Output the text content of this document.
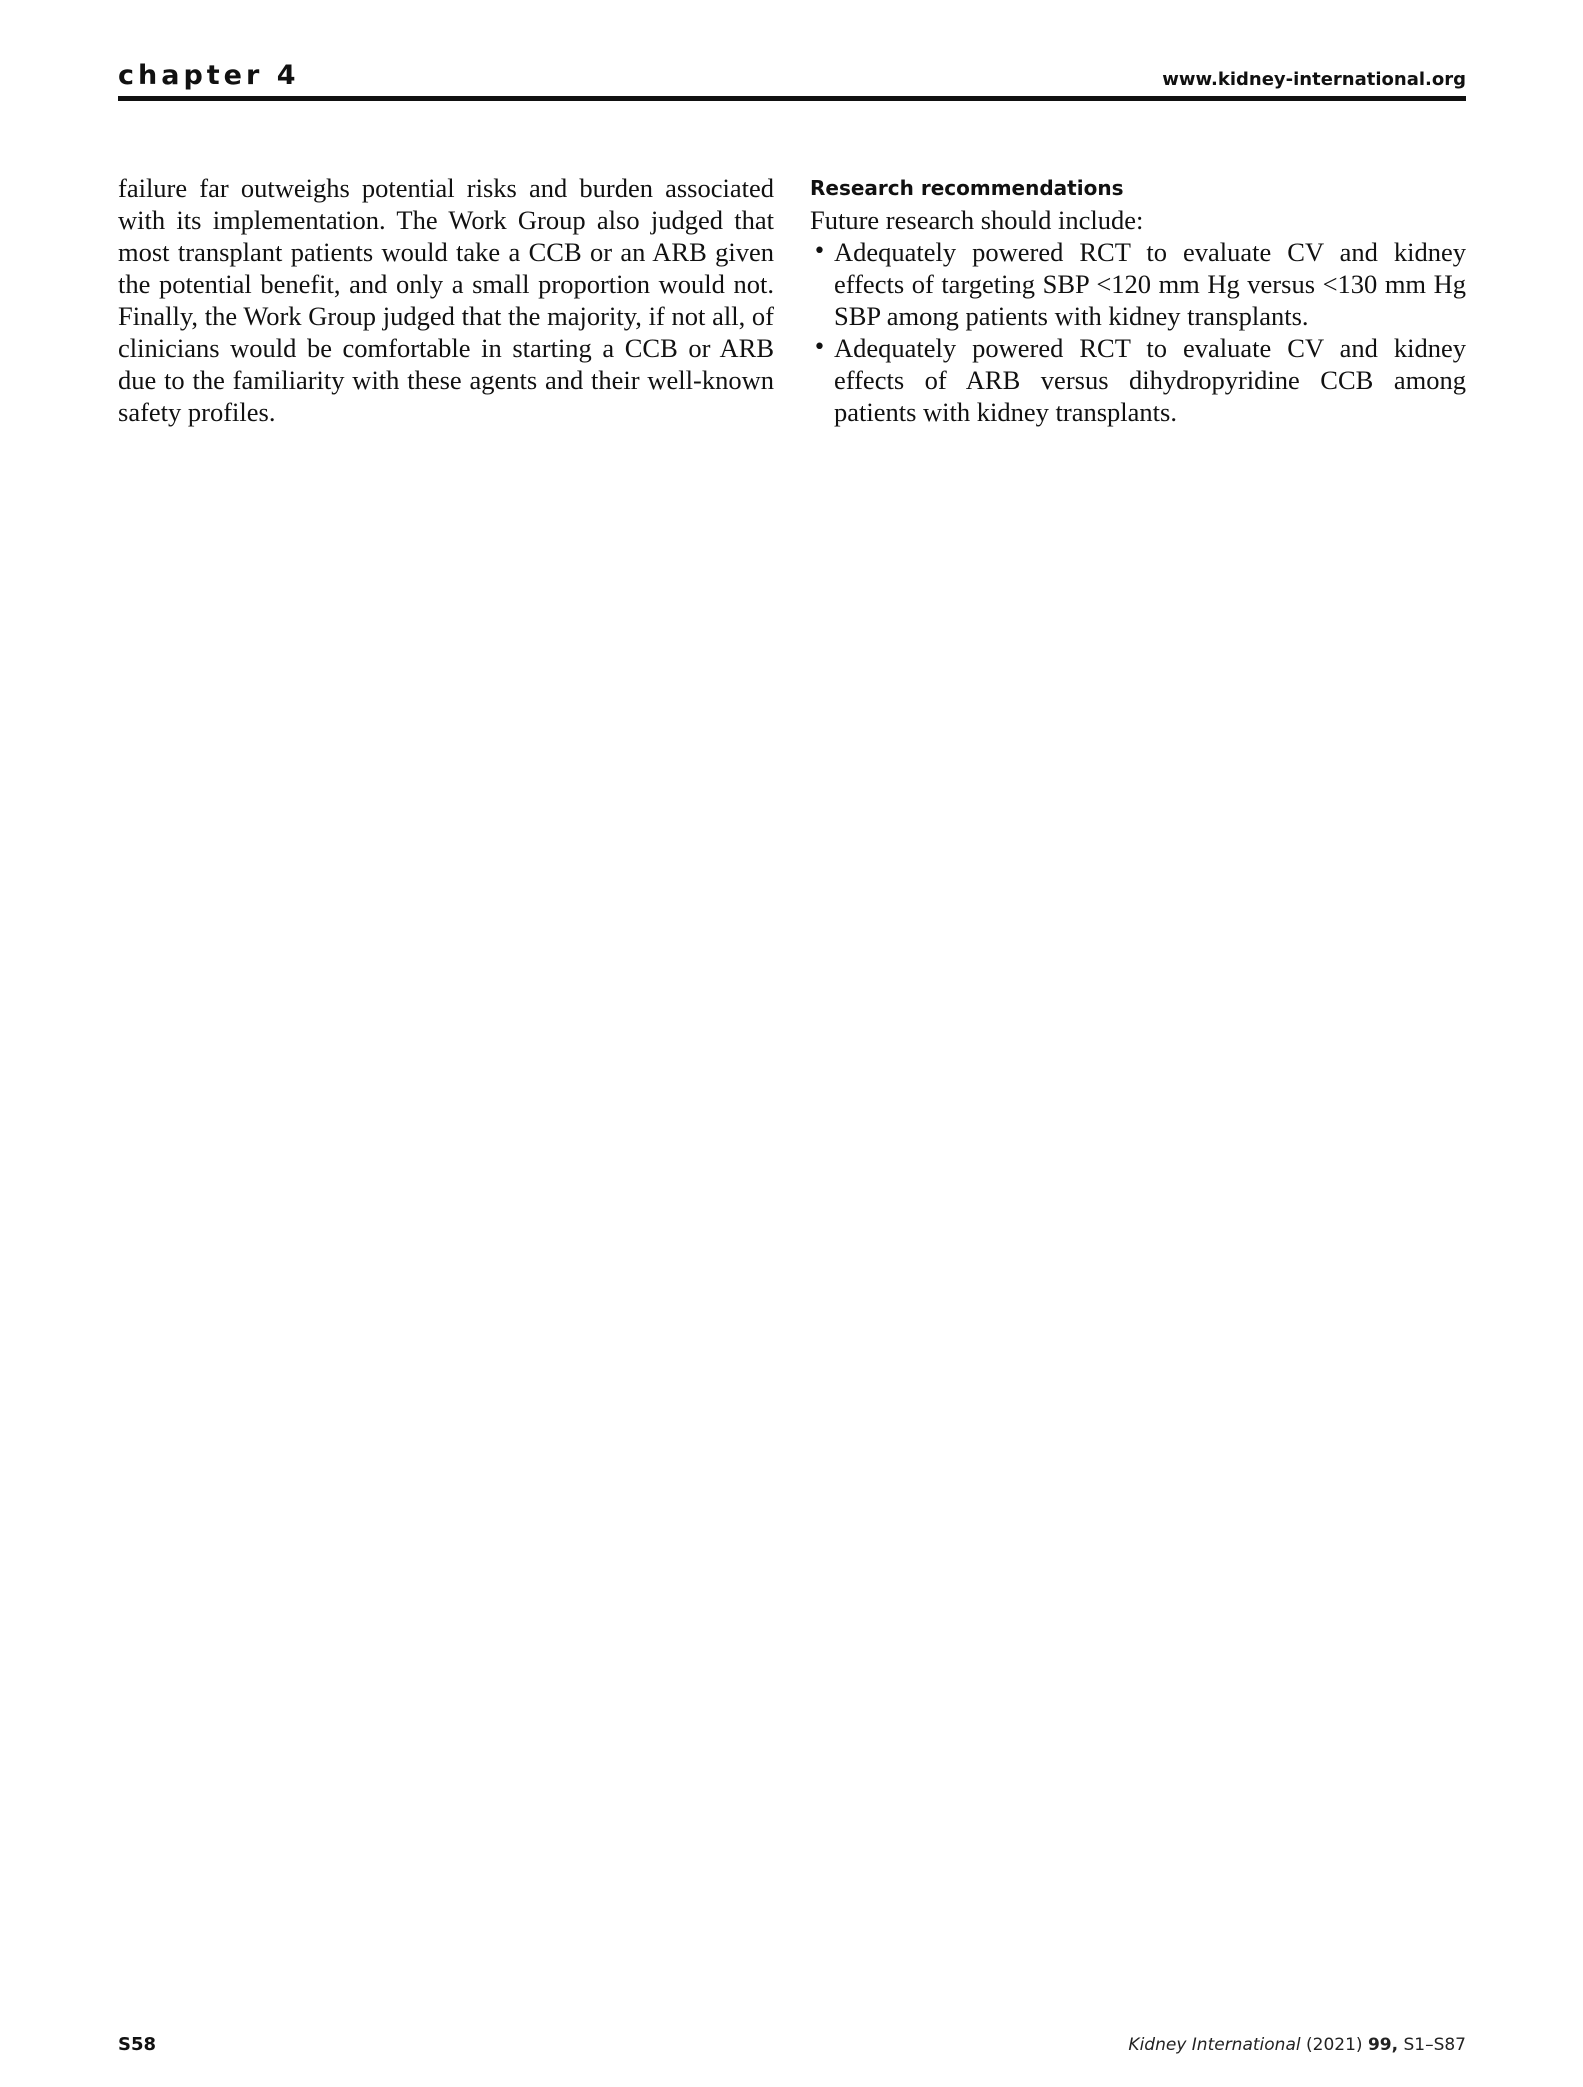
chapter 4	www.kidney-international.org

failure far outweighs potential risks and burden associated with its implementation. The Work Group also judged that most transplant patients would take a CCB or an ARB given the potential benefit, and only a small proportion would not. Finally, the Work Group judged that the majority, if not all, of clinicians would be comfortable in starting a CCB or ARB due to the familiarity with these agents and their well-known safety profiles.

Research recommendations

Future research should include:

• Adequately powered RCT to evaluate CV and kidney effects of targeting SBP <120 mm Hg versus <130 mm Hg SBP among patients with kidney transplants.
• Adequately powered RCT to evaluate CV and kidney effects of ARB versus dihydropyridine CCB among patients with kidney transplants.
S58	Kidney International (2021) 99, S1–S87
